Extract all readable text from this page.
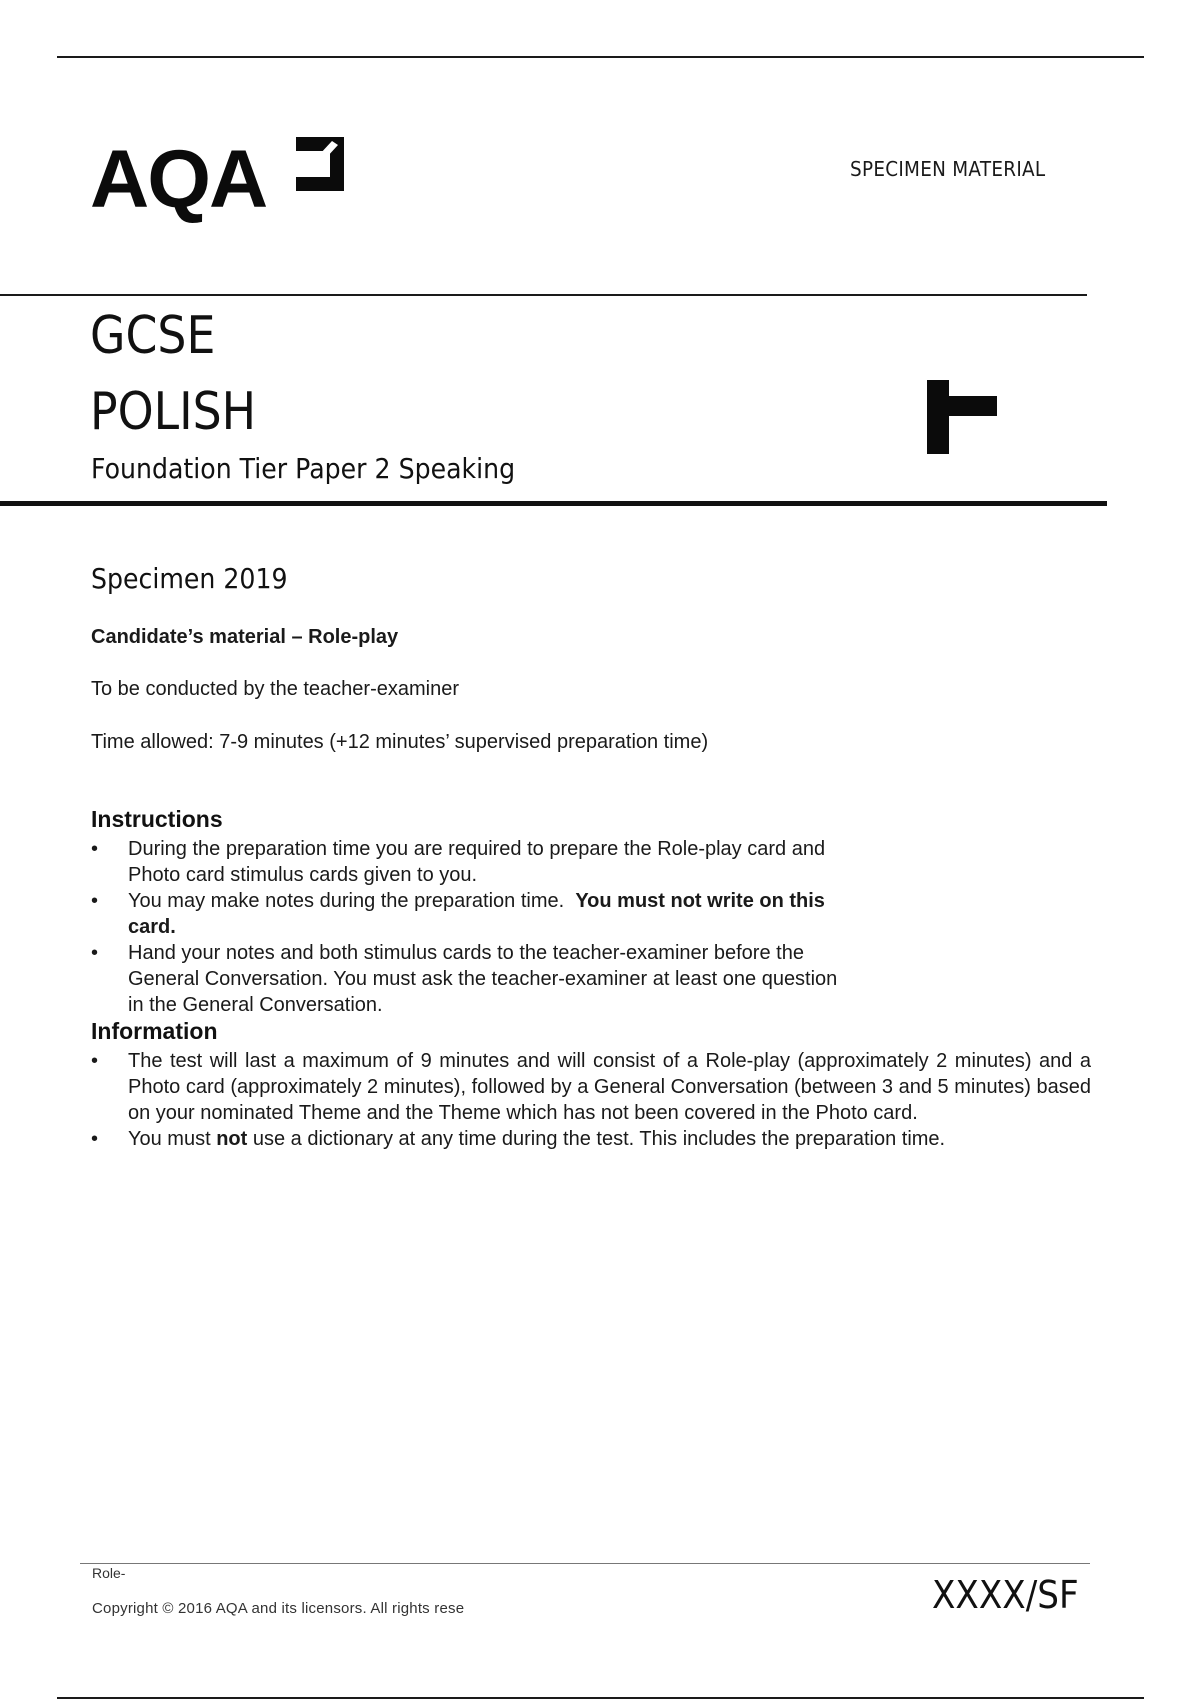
AQA	SPECIMEN MATERIAL
GCSE
POLISH
Foundation Tier Paper 2 Speaking
Specimen 2019
Candidate’s material – Role-play
To be conducted by the teacher-examiner
Time allowed: 7-9 minutes (+12 minutes’ supervised preparation time)
Instructions
• During the preparation time you are required to prepare the Role-play card and Photo card stimulus cards given to you.
• You may make notes during the preparation time. You must not write on this card.
• Hand your notes and both stimulus cards to the teacher-examiner before the General Conversation. You must ask the teacher-examiner at least one question in the General Conversation.
Information
• The test will last a maximum of 9 minutes and will consist of a Role-play (approximately 2 minutes) and a Photo card (approximately 2 minutes), followed by a General Conversation (between 3 and 5 minutes) based on your nominated Theme and the Theme which has not been covered in the Photo card.
• You must not use a dictionary at any time during the test. This includes the preparation time.
Role-
Copyright © 2016 AQA and its licensors. All rights rese	XXXX/SF
